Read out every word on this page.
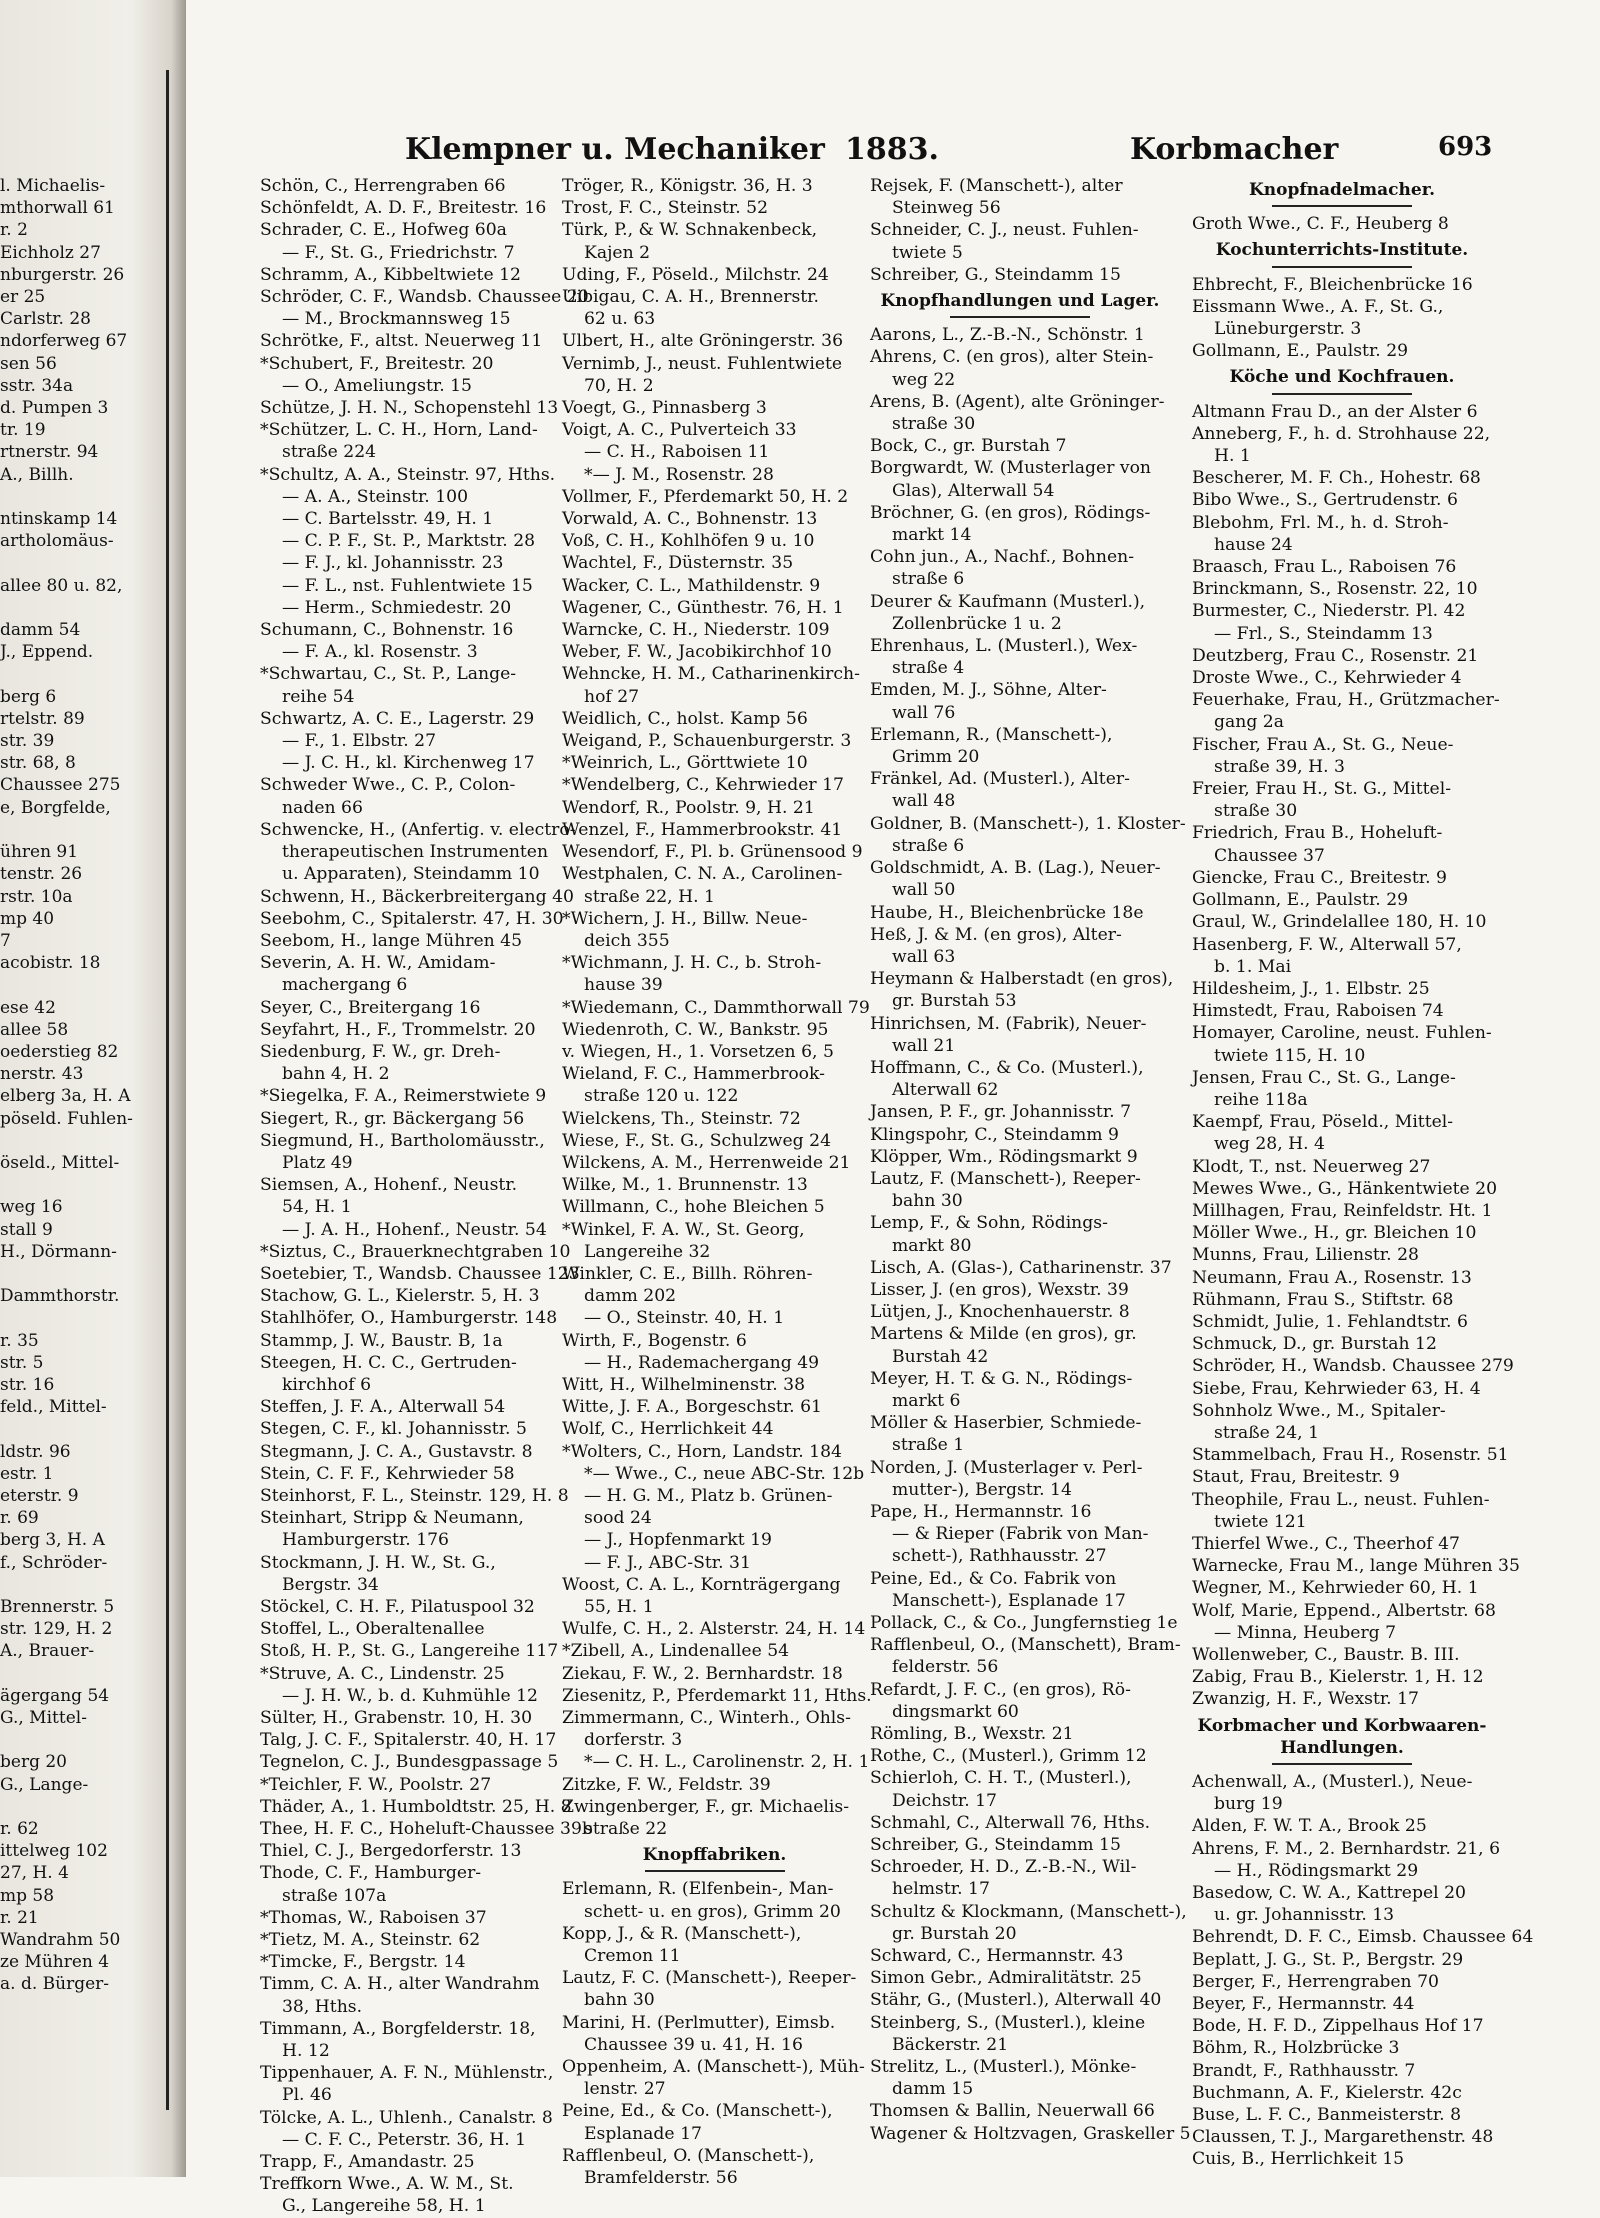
l. Michaelis-
mthorwall 61
r. 2
Eichholz 27
nburgerstr. 26
er 25
Carlstr. 28
ndorferweg 67
sen 56
sstr. 34a
d. Pumpen 3
tr. 19
rtnerstr. 94
A., Billh.

ntinskamp 14
artholomäus-

allee 80 u. 82,

damm 54
J., Eppend.

berg 6
rtelstr. 89
str. 39
str. 68, 8
Chaussee 275
e, Borgfelde,

ühren 91
tenstr. 26
rstr. 10a
mp 40
7
acobistr. 18

ese 42
allee 58
oederstieg 82
nerstr. 43
elberg 3a, H. A
pöseld. Fuhlen-

öseld., Mittel-

weg 16
stall 9
H., Dörmann-

Dammthorstr.

r. 35
str. 5
str. 16
feld., Mittel-

ldstr. 96
estr. 1
eterstr. 9
r. 69
berg 3, H. A
f., Schröder-

Brennerstr. 5
str. 129, H. 2
A., Brauer-

ägergang 54
G., Mittel-

berg 20
G., Lange-

r. 62
ittelweg 102
27, H. 4
mp 58
r. 21
Wandrahm 50
ze Mühren 4
a. d. Bürger-
Klempner u. Mechaniker 1883.	Korbmacher	693
Schön, C., Herrengraben 66
Schönfeldt, A. D. F., Breitestr. 16
Schrader, C. E., Hofweg 60a
— F., St. G., Friedrichstr. 7
Schramm, A., Kibbeltwiete 12
Schröder, C. F., Wandsb. Chaussee 20
— M., Brockmannsweg 15
Schrötke, F., altst. Neuerweg 11
*Schubert, F., Breitestr. 20
— O., Ameliungstr. 15
Schütze, J. H. N., Schopenstehl 13
*Schützer, L. C. H., Horn, Land-
straße 224
*Schultz, A. A., Steinstr. 97, Hths.
— A. A., Steinstr. 100
— C. Bartelsstr. 49, H. 1
— C. P. F., St. P., Marktstr. 28
— F. J., kl. Johannisstr. 23
— F. L., nst. Fuhlentwiete 15
— Herm., Schmiedestr. 20
Schumann, C., Bohnenstr. 16
— F. A., kl. Rosenstr. 3
*Schwartau, C., St. P., Lange-
reihe 54
Schwartz, A. C. E., Lagerstr. 29
— F., 1. Elbstr. 27
— J. C. H., kl. Kirchenweg 17
Schweder Wwe., C. P., Colon-
naden 66
Schwencke, H., (Anfertig. v. electro-
therapeutischen Instrumenten
u. Apparaten), Steindamm 10
Schwenn, H., Bäckerbreitergang 40
Seebohm, C., Spitalerstr. 47, H. 30
Seebom, H., lange Mühren 45
Severin, A. H. W., Amidam-
machergang 6
Seyer, C., Breitergang 16
Seyfahrt, H., F., Trommelstr. 20
Siedenburg, F. W., gr. Dreh-
bahn 4, H. 2
*Siegelka, F. A., Reimerstwiete 9
Siegert, R., gr. Bäckergang 56
Siegmund, H., Bartholomäusstr.,
Platz 49
Siemsen, A., Hohenf., Neustr.
54, H. 1
— J. A. H., Hohenf., Neustr. 54
*Siztus, C., Brauerknechtgraben 10
Soetebier, T., Wandsb. Chaussee 123
Stachow, G. L., Kielerstr. 5, H. 3
Stahlhöfer, O., Hamburgerstr. 148
Stammp, J. W., Baustr. B, 1a
Steegen, H. C. C., Gertruden-
kirchhof 6
Steffen, J. F. A., Alterwall 54
Stegen, C. F., kl. Johannisstr. 5
Stegmann, J. C. A., Gustavstr. 8
Stein, C. F. F., Kehrwieder 58
Steinhorst, F. L., Steinstr. 129, H. 8
Steinhart, Stripp & Neumann,
Hamburgerstr. 176
Stockmann, J. H. W., St. G.,
Bergstr. 34
Stöckel, C. H. F., Pilatuspool 32
Stoffel, L., Oberaltenallee
Stoß, H. P., St. G., Langereihe 117
*Struve, A. C., Lindenstr. 25
— J. H. W., b. d. Kuhmühle 12
Sülter, H., Grabenstr. 10, H. 30
Talg, J. C. F., Spitalerstr. 40, H. 17
Tegnelon, C. J., Bundesgpassage 5
*Teichler, F. W., Poolstr. 27
Thäder, A., 1. Humboldtstr. 25, H. 8
Thee, H. F. C., Hoheluft-Chaussee 39b
Thiel, C. J., Bergedorferstr. 13
Thode, C. F., Hamburger-
straße 107a
*Thomas, W., Raboisen 37
*Tietz, M. A., Steinstr. 62
*Timcke, F., Bergstr. 14
Timm, C. A. H., alter Wandrahm
38, Hths.
Timmann, A., Borgfelderstr. 18,
H. 12
Tippenhauer, A. F. N., Mühlenstr.,
Pl. 46
Tölcke, A. L., Uhlenh., Canalstr. 8
— C. F. C., Peterstr. 36, H. 1
Trapp, F., Amandastr. 25
Treffkorn Wwe., A. W. M., St.
G., Langereihe 58, H. 1
Tröger, R., Königstr. 36, H. 3
Trost, F. C., Steinstr. 52
Türk, P., & W. Schnakenbeck,
Kajen 2
Uding, F., Pöseld., Milchstr. 24
Uibigau, C. A. H., Brennerstr.
62 u. 63
Ulbert, H., alte Gröningerstr. 36
Vernimb, J., neust. Fuhlentwiete
70, H. 2
Voegt, G., Pinnasberg 3
Voigt, A. C., Pulverteich 33
— C. H., Raboisen 11
*— J. M., Rosenstr. 28
Vollmer, F., Pferdemarkt 50, H. 2
Vorwald, A. C., Bohnenstr. 13
Voß, C. H., Kohlhöfen 9 u. 10
Wachtel, F., Düsternstr. 35
Wacker, C. L., Mathildenstr. 9
Wagener, C., Günthestr. 76, H. 1
Warncke, C. H., Niederstr. 109
Weber, F. W., Jacobikirchhof 10
Wehncke, H. M., Catharinenkirch-
hof 27
Weidlich, C., holst. Kamp 56
Weigand, P., Schauenburgerstr. 3
*Weinrich, L., Görttwiete 10
*Wendelberg, C., Kehrwieder 17
Wendorf, R., Poolstr. 9, H. 21
Wenzel, F., Hammerbrookstr. 41
Wesendorf, F., Pl. b. Grünensood 9
Westphalen, C. N. A., Carolinen-
straße 22, H. 1
*Wichern, J. H., Billw. Neue-
deich 355
*Wichmann, J. H. C., b. Stroh-
hause 39
*Wiedemann, C., Dammthorwall 79
Wiedenroth, C. W., Bankstr. 95
v. Wiegen, H., 1. Vorsetzen 6, 5
Wieland, F. C., Hammerbrook-
straße 120 u. 122
Wielckens, Th., Steinstr. 72
Wiese, F., St. G., Schulzweg 24
Wilckens, A. M., Herrenweide 21
Wilke, M., 1. Brunnenstr. 13
Willmann, C., hohe Bleichen 5
*Winkel, F. A. W., St. Georg,
Langereihe 32
Winkler, C. E., Billh. Röhren-
damm 202
— O., Steinstr. 40, H. 1
Wirth, F., Bogenstr. 6
— H., Rademachergang 49
Witt, H., Wilhelminenstr. 38
Witte, J. F. A., Borgeschstr. 61
Wolf, C., Herrlichkeit 44
*Wolters, C., Horn, Landstr. 184
*— Wwe., C., neue ABC-Str. 12b
— H. G. M., Platz b. Grünen-
sood 24
— J., Hopfenmarkt 19
— F. J., ABC-Str. 31
Woost, C. A. L., Kornträgergang
55, H. 1
Wulfe, C. H., 2. Alsterstr. 24, H. 14
*Zibell, A., Lindenallee 54
Ziekau, F. W., 2. Bernhardstr. 18
Ziesenitz, P., Pferdemarkt 11, Hths.
Zimmermann, C., Winterh., Ohls-
dorferstr. 3
*— C. H. L., Carolinenstr. 2, H. 1
Zitzke, F. W., Feldstr. 39
Zwingenberger, F., gr. Michaelis-
straße 22
Knopffabriken.
Erlemann, R. (Elfenbein-, Man-
schett- u. en gros), Grimm 20
Kopp, J., & R. (Manschett-),
Cremon 11
Lautz, F. C. (Manschett-), Reeper-
bahn 30
Marini, H. (Perlmutter), Eimsb.
Chaussee 39 u. 41, H. 16
Oppenheim, A. (Manschett-), Müh-
lenstr. 27
Peine, Ed., & Co. (Manschett-),
Esplanade 17
Rafflenbeul, O. (Manschett-),
Bramfelderstr. 56
Rejsek, F. (Manschett-), alter
Steinweg 56
Schneider, C. J., neust. Fuhlen-
twiete 5
Schreiber, G., Steindamm 15
Knopfhandlungen und Lager.
Aarons, L., Z.-B.-N., Schönstr. 1
Ahrens, C. (en gros), alter Stein-
weg 22
Arens, B. (Agent), alte Gröninger-
straße 30
Bock, C., gr. Burstah 7
Borgwardt, W. (Musterlager von
Glas), Alterwall 54
Bröchner, G. (en gros), Rödings-
markt 14
Cohn jun., A., Nachf., Bohnen-
straße 6
Deurer & Kaufmann (Musterl.),
Zollenbrücke 1 u. 2
Ehrenhaus, L. (Musterl.), Wex-
straße 4
Emden, M. J., Söhne, Alter-
wall 76
Erlemann, R., (Manschett-),
Grimm 20
Fränkel, Ad. (Musterl.), Alter-
wall 48
Goldner, B. (Manschett-), 1. Kloster-
straße 6
Goldschmidt, A. B. (Lag.), Neuer-
wall 50
Haube, H., Bleichenbrücke 18e
Heß, J. & M. (en gros), Alter-
wall 63
Heymann & Halberstadt (en gros),
gr. Burstah 53
Hinrichsen, M. (Fabrik), Neuer-
wall 21
Hoffmann, C., & Co. (Musterl.),
Alterwall 62
Jansen, P. F., gr. Johannisstr. 7
Klingspohr, C., Steindamm 9
Klöpper, Wm., Rödingsmarkt 9
Lautz, F. (Manschett-), Reeper-
bahn 30
Lemp, F., & Sohn, Rödings-
markt 80
Lisch, A. (Glas-), Catharinenstr. 37
Lisser, J. (en gros), Wexstr. 39
Lütjen, J., Knochenhauerstr. 8
Martens & Milde (en gros), gr.
Burstah 42
Meyer, H. T. & G. N., Rödings-
markt 6
Möller & Haserbier, Schmiede-
straße 1
Norden, J. (Musterlager v. Perl-
mutter-), Bergstr. 14
Pape, H., Hermannstr. 16
— & Rieper (Fabrik von Man-
schett-), Rathhausstr. 27
Peine, Ed., & Co. Fabrik von
Manschett-), Esplanade 17
Pollack, C., & Co., Jungfernstieg 1e
Rafflenbeul, O., (Manschett), Bram-
felderstr. 56
Refardt, J. F. C., (en gros), Rö-
dingsmarkt 60
Römling, B., Wexstr. 21
Rothe, C., (Musterl.), Grimm 12
Schierloh, C. H. T., (Musterl.),
Deichstr. 17
Schmahl, C., Alterwall 76, Hths.
Schreiber, G., Steindamm 15
Schroeder, H. D., Z.-B.-N., Wil-
helmstr. 17
Schultz & Klockmann, (Manschett-),
gr. Burstah 20
Schward, C., Hermannstr. 43
Simon Gebr., Admiralitätstr. 25
Stähr, G., (Musterl.), Alterwall 40
Steinberg, S., (Musterl.), kleine
Bäckerstr. 21
Strelitz, L., (Musterl.), Mönke-
damm 15
Thomsen & Ballin, Neuerwall 66
Wagener & Holtzvagen, Graskeller 5
Knopfnadelmacher.
Groth Wwe., C. F., Heuberg 8
Kochunterrichts-Institute.
Ehbrecht, F., Bleichenbrücke 16
Eissmann Wwe., A. F., St. G.,
Lüneburgerstr. 3
Gollmann, E., Paulstr. 29
Köche und Kochfrauen.
Altmann Frau D., an der Alster 6
Anneberg, F., h. d. Strohhause 22,
H. 1
Bescherer, M. F. Ch., Hohestr. 68
Bibo Wwe., S., Gertrudenstr. 6
Blebohm, Frl. M., h. d. Stroh-
hause 24
Braasch, Frau L., Raboisen 76
Brinckmann, S., Rosenstr. 22, 10
Burmester, C., Niederstr. Pl. 42
— Frl., S., Steindamm 13
Deutzberg, Frau C., Rosenstr. 21
Droste Wwe., C., Kehrwieder 4
Feuerhake, Frau, H., Grützmacher-
gang 2a
Fischer, Frau A., St. G., Neue-
straße 39, H. 3
Freier, Frau H., St. G., Mittel-
straße 30
Friedrich, Frau B., Hoheluft-
Chaussee 37
Giencke, Frau C., Breitestr. 9
Gollmann, E., Paulstr. 29
Graul, W., Grindelallee 180, H. 10
Hasenberg, F. W., Alterwall 57,
b. 1. Mai
Hildesheim, J., 1. Elbstr. 25
Himstedt, Frau, Raboisen 74
Homayer, Caroline, neust. Fuhlen-
twiete 115, H. 10
Jensen, Frau C., St. G., Lange-
reihe 118a
Kaempf, Frau, Pöseld., Mittel-
weg 28, H. 4
Klodt, T., nst. Neuerweg 27
Mewes Wwe., G., Hänkentwiete 20
Millhagen, Frau, Reinfeldstr. Ht. 1
Möller Wwe., H., gr. Bleichen 10
Munns, Frau, Lilienstr. 28
Neumann, Frau A., Rosenstr. 13
Rühmann, Frau S., Stiftstr. 68
Schmidt, Julie, 1. Fehlandtstr. 6
Schmuck, D., gr. Burstah 12
Schröder, H., Wandsb. Chaussee 279
Siebe, Frau, Kehrwieder 63, H. 4
Sohnholz Wwe., M., Spitaler-
straße 24, 1
Stammelbach, Frau H., Rosenstr. 51
Staut, Frau, Breitestr. 9
Theophile, Frau L., neust. Fuhlen-
twiete 121
Thierfel Wwe., C., Theerhof 47
Warnecke, Frau M., lange Mühren 35
Wegner, M., Kehrwieder 60, H. 1
Wolf, Marie, Eppend., Albertstr. 68
— Minna, Heuberg 7
Wollenweber, C., Baustr. B. III.
Zabig, Frau B., Kielerstr. 1, H. 12
Zwanzig, H. F., Wexstr. 17
Korbmacher und Korbwaaren-Handlungen.
Achenwall, A., (Musterl.), Neue-
burg 19
Alden, F. W. T. A., Brook 25
Ahrens, F. M., 2. Bernhardstr. 21, 6
— H., Rödingsmarkt 29
Basedow, C. W. A., Kattrepel 20
u. gr. Johannisstr. 13
Behrendt, D. F. C., Eimsb. Chaussee 64
Beplatt, J. G., St. P., Bergstr. 29
Berger, F., Herrengraben 70
Beyer, F., Hermannstr. 44
Bode, H. F. D., Zippelhaus Hof 17
Böhm, R., Holzbrücke 3
Brandt, F., Rathhausstr. 7
Buchmann, A. F., Kielerstr. 42c
Buse, L. F. C., Banmeisterstr. 8
Claussen, T. J., Margarethenstr. 48
Cuis, B., Herrlichkeit 15
